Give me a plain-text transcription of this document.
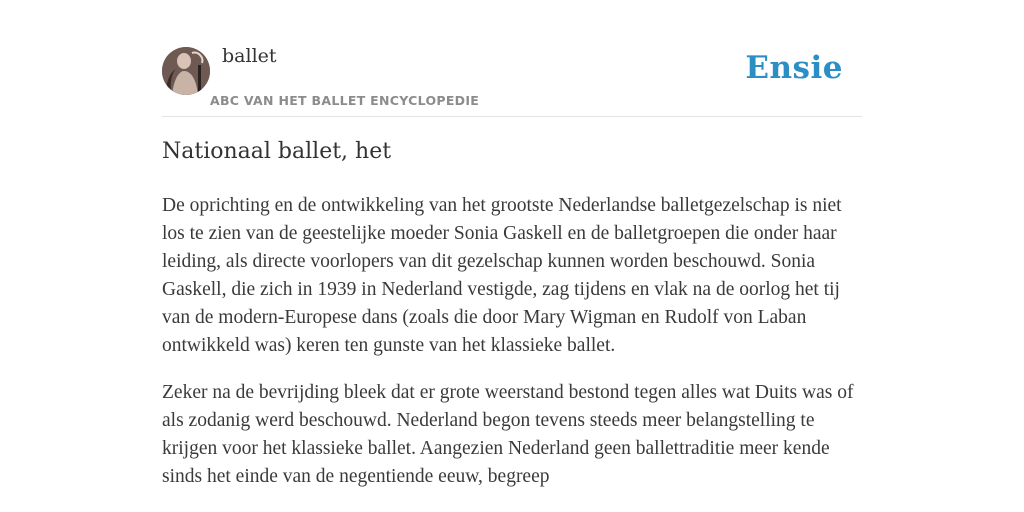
ballet
ABC VAN HET BALLET ENCYCLOPEDIE
Ensie
Nationaal ballet, het

De oprichting en de ontwikkeling van het grootste Nederlandse balletgezelschap is niet los te zien van de geestelijke moeder Sonia Gaskell en de balletgroepen die onder haar leiding, als directe voorlopers van dit gezelschap kunnen worden beschouwd. Sonia Gaskell, die zich in 1939 in Nederland vestigde, zag tijdens en vlak na de oorlog het tij van de modern-Europese dans (zoals die door Mary Wigman en Rudolf von Laban ontwikkeld was) keren ten gunste van het klassieke ballet.

Zeker na de bevrijding bleek dat er grote weerstand bestond tegen alles wat Duits was of als zodanig werd beschouwd. Nederland begon tevens steeds meer belangstelling te krijgen voor het klassieke ballet. Aangezien Nederland geen ballettraditie meer kende sinds het einde van de negentiende eeuw, begreep
